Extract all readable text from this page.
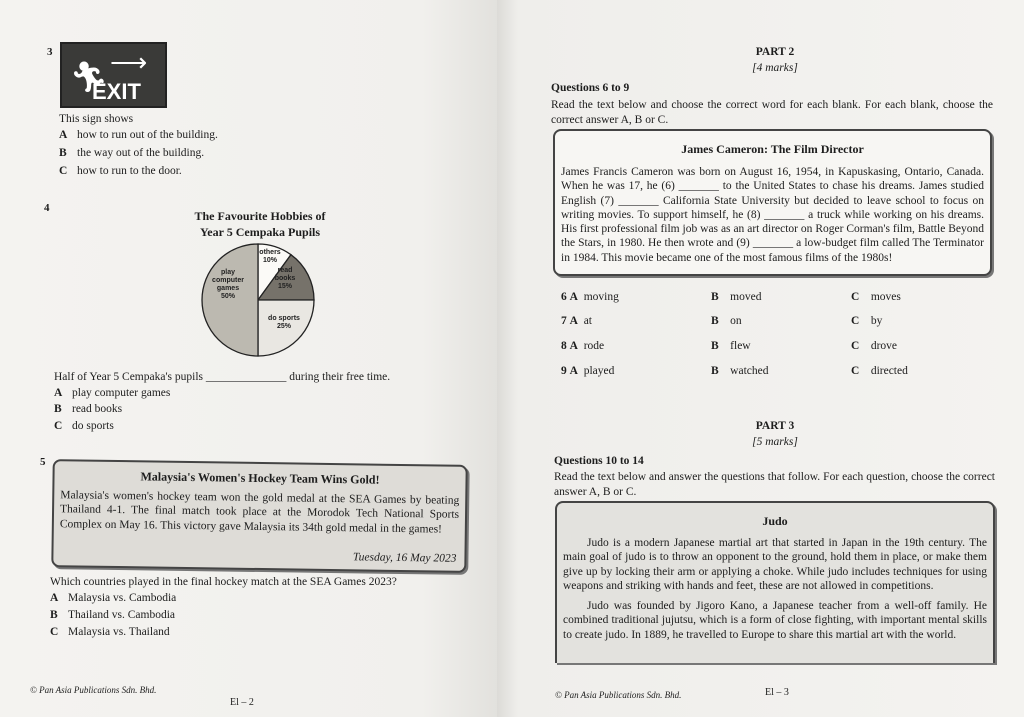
3
🏃︎ ⟶
EXIT
This sign shows
A how to run out of the building.
B the way out of the building.
C how to run to the door.
4
The Favourite Hobbies of
Year 5 Cempaka Pupils
others
10%
read
books
15%
do sports
25%
play
computer
games
50%
Half of Year 5 Cempaka's pupils ______________ during their free time.
A play computer games
B read books
C do sports
5
Malaysia's Women's Hockey Team Wins Gold!
Malaysia's women's hockey team won the gold medal at the SEA Games by beating Thailand 4-1. The final match took place at the Morodok Tech National Sports Complex on May 16. This victory gave Malaysia its 34th gold medal in the games!
Tuesday, 16 May 2023
Which countries played in the final hockey match at the SEA Games 2023?
A Malaysia vs. Cambodia
B Thailand vs. Cambodia
C Malaysia vs. Thailand
© Pan Asia Publications Sdn. Bhd.
El – 2
PART 2
[4 marks]
Questions 6 to 9
Read the text below and choose the correct word for each blank. For each blank, choose the correct answer A, B or C.
James Cameron: The Film Director
James Francis Cameron was born on August 16, 1954, in Kapuskasing, Ontario, Canada. When he was 17, he (6) _______ to the United States to chase his dreams. James studied English (7) _______ California State University but decided to leave school to focus on writing movies. To support himself, he (8) _______ a truck while working on his dreams. His first professional film job was as an art director on Roger Corman's film, Battle Beyond the Stars, in 1980. He then wrote and (9) _______ a low-budget film called The Terminator in 1984. This movie became one of the most famous films of the 1980s!
6 A moving	B moved	C moves
7 A at	B on	C by
8 A rode	B flew	C drove
9 A played	B watched	C directed
PART 3
[5 marks]
Questions 10 to 14
Read the text below and answer the questions that follow. For each question, choose the correct answer A, B or C.
Judo
Judo is a modern Japanese martial art that started in Japan in the 19th century. The main goal of judo is to throw an opponent to the ground, hold them in place, or make them give up by locking their arm or applying a choke. While judo includes techniques for using weapons and striking with hands and feet, these are not allowed in competitions.
Judo was founded by Jigoro Kano, a Japanese teacher from a well-off family. He combined traditional jujutsu, which is a form of close fighting, with important mental skills to create judo. In 1889, he travelled to Europe to share this martial art with the world.
© Pan Asia Publications Sdn. Bhd.	El – 3
